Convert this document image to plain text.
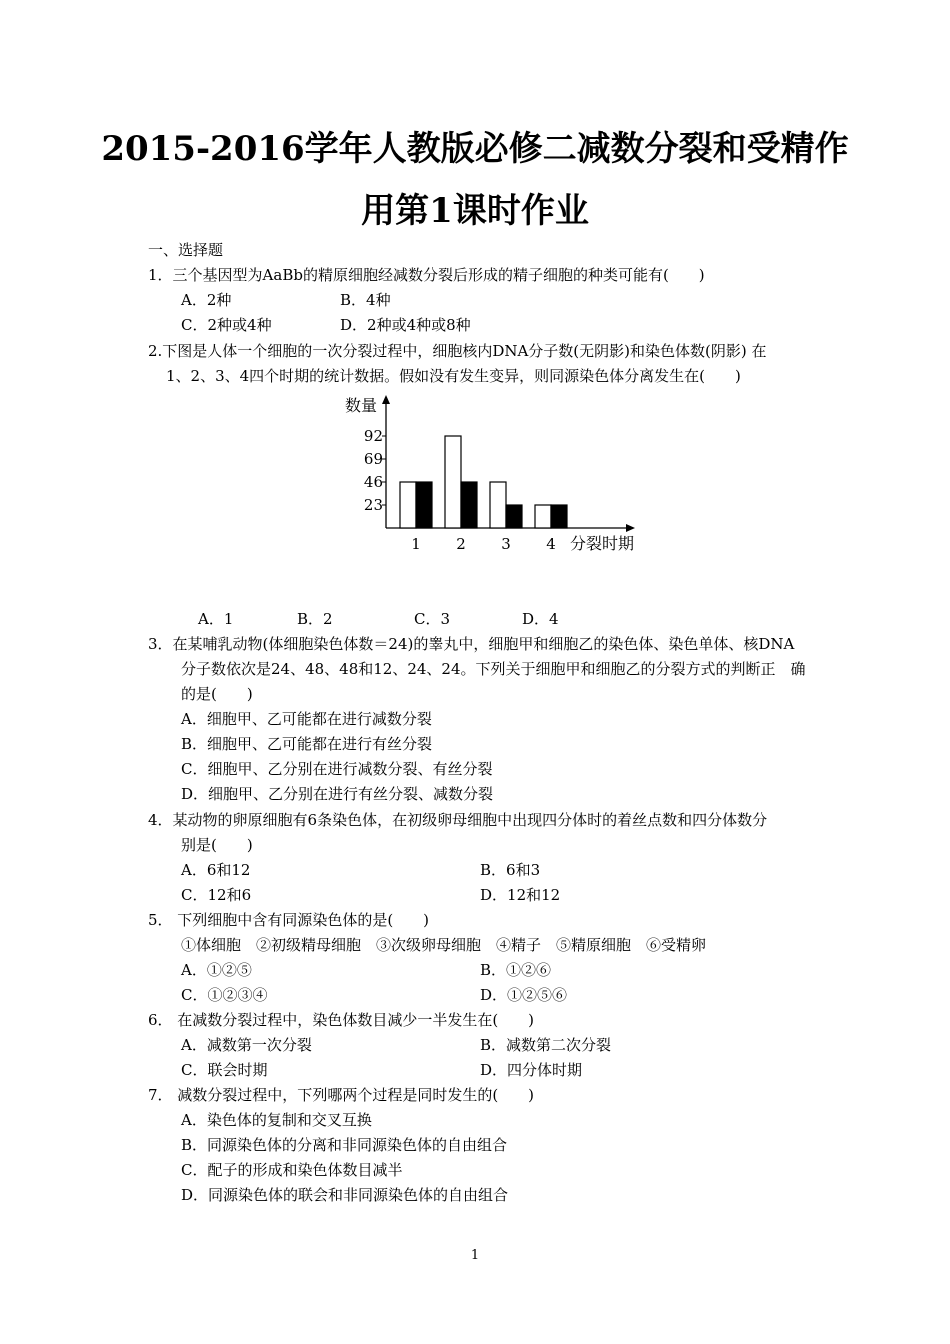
2015-2016学年人教版必修二减数分裂和受精作
用第1课时作业
一、选择题
1．三个基因型为AaBb的精原细胞经减数分裂后形成的精子细胞的种类可能有(　　)
A．2种	B．4种
C．2种或4种	D．2种或4种或8种
2.下图是人体一个细胞的一次分裂过程中，细胞核内DNA分子数(无阴影)和染色体数(阴影) 在
1、2、3、4四个时期的统计数据。假如没有发生变异，则同源染色体分离发生在(　　)
23
46
69
92
数量
分裂时期
1 2 3 4
A．1	B．2	C．3	D．4
3．在某哺乳动物(体细胞染色体数＝24)的睾丸中，细胞甲和细胞乙的染色体、染色单体、核DNA
分子数依次是24、48、48和12、24、24。下列关于细胞甲和细胞乙的分裂方式的判断正　确
的是(　　)
A．细胞甲、乙可能都在进行减数分裂
B．细胞甲、乙可能都在进行有丝分裂
C．细胞甲、乙分别在进行减数分裂、有丝分裂
D．细胞甲、乙分别在进行有丝分裂、减数分裂
4．某动物的卵原细胞有6条染色体，在初级卵母细胞中出现四分体时的着丝点数和四分体数分
别是(　　)
A．6和12	B．6和3
C．12和6	D．12和12
5． 下列细胞中含有同源染色体的是(　　)
①体细胞　②初级精母细胞　③次级卵母细胞　④精子　⑤精原细胞　⑥受精卵
A．①②⑤	B．①②⑥
C．①②③④	D．①②⑤⑥
6． 在减数分裂过程中，染色体数目减少一半发生在(　　)
A．减数第一次分裂	B．减数第二次分裂
C．联会时期	D．四分体时期
7． 减数分裂过程中，下列哪两个过程是同时发生的(　　)
A．染色体的复制和交叉互换
B．同源染色体的分离和非同源染色体的自由组合
C．配子的形成和染色体数目减半
D．同源染色体的联会和非同源染色体的自由组合
1
